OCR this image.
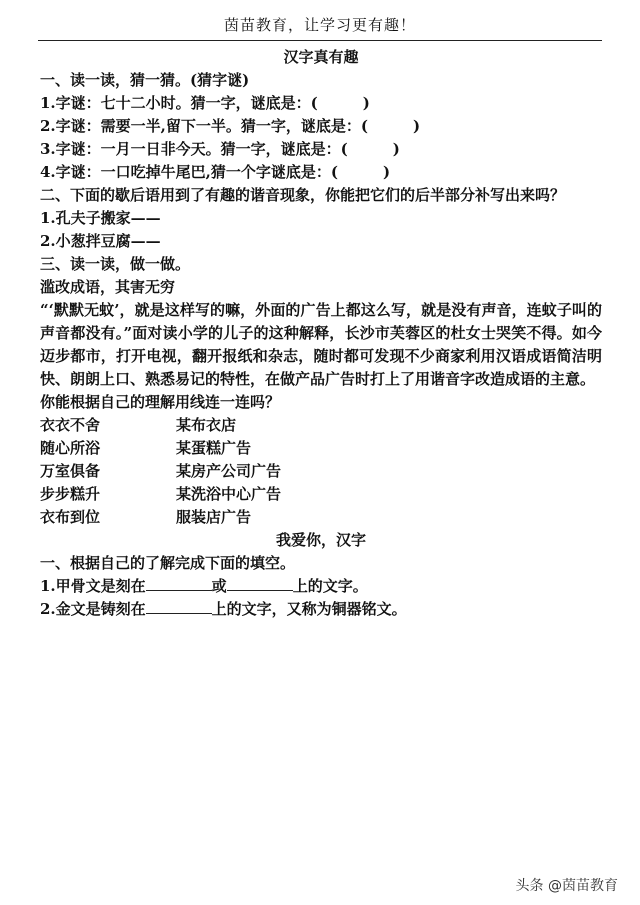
茵苗教育，让学习更有趣！
汉字真有趣
一、读一读，猜一猜。(猜字谜)
1.字谜：七十二小时。猜一字，谜底是：(　　　)
2.字谜：需要一半,留下一半。猜一字，谜底是：(　　　)
3.字谜：一月一日非今天。猜一字，谜底是：(　　　)
4.字谜：一口吃掉牛尾巴,猜一个字谜底是：(　　　)
二、下面的歇后语用到了有趣的谐音现象，你能把它们的后半部分补写出来吗？
1.孔夫子搬家——
2.小葱拌豆腐——
三、读一读，做一做。
滥改成语，其害无穷
“‘默默无蚊’，就是这样写的嘛，外面的广告上都这么写，就是没有声音，连蚊子叫的声音都没有。”面对读小学的儿子的这种解释，长沙市芙蓉区的杜女士哭笑不得。如今迈步都市，打开电视，翻开报纸和杂志，随时都可发现不少商家利用汉语成语简洁明快、朗朗上口、熟悉易记的特性，在做产品广告时打上了用谐音字改造成语的主意。
你能根据自己的理解用线连一连吗？
衣衣不舍	某布衣店
随心所浴	某蛋糕广告
万室俱备	某房产公司广告
步步糕升	某洗浴中心广告
衣布到位	服装店广告
我爱你，汉字
一、根据自己的了解完成下面的填空。
1.甲骨文是刻在	或	上的文字。
2.金文是铸刻在	上的文字，又称为铜器铭文。
头条 @茵苗教育
